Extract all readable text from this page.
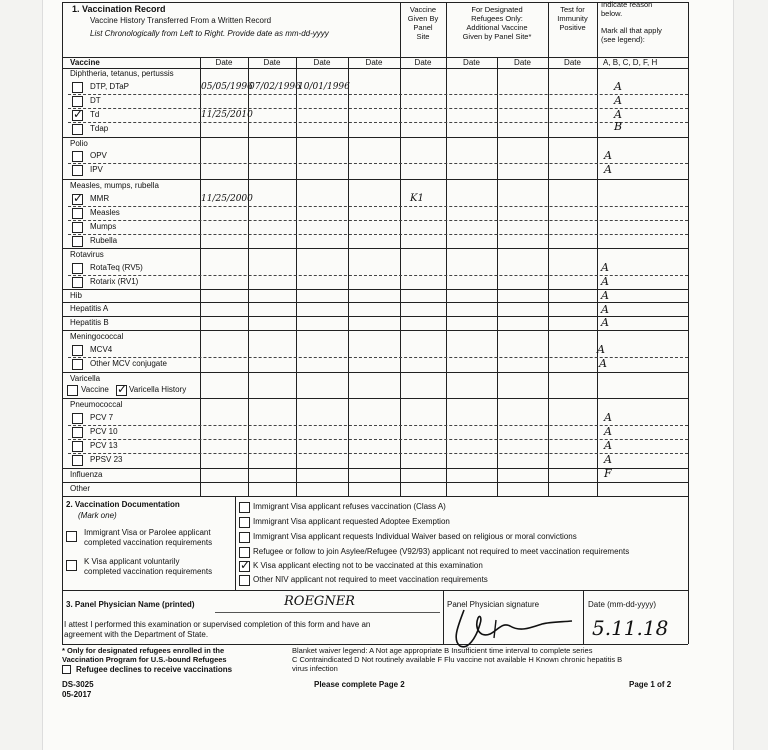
1. Vaccination Record
Vaccine History Transferred From a Written Record
List Chronologically from Left to Right. Provide date as mm-dd-yyyy
Vaccine
Given By
Panel
Site
For Designated
Refugees Only:
Additional Vaccine
Given by Panel Site*
Test for
Immunity
Positive
Indicate reason
below.
Mark all that apply
(see legend):
Vaccine	Date	Date	Date	Date	Date	Date	Date	Date	A, B, C, D, F, H
Diphtheria, tetanus, pertussis
Polio
Measles, mumps, rubella
Rotavirus
Hib
Hepatitis A
Hepatitis B
Meningococcal
Varicella
Pneumococcal
Influenza
Other
DTP, DTaP
DT
✓
Td
Tdap
OPV
IPV
✓
MMR
Measles
Mumps
Rubella
RotaTeq (RV5)
Rotarix (RV1)
MCV4
Other MCV conjugate
Vaccine
✓	Varicella History
PCV 7
PCV 10
PCV 13
PPSV 23
05/05/1996
07/02/1996
10/01/1996
11/25/2010
11/25/2000	K1
A
A
A
B
A
A
A
A
A
A
A
A
A
A
A
A
A
F
2. Vaccination Documentation
(Mark one)
Immigrant Visa or Parolee applicant
completed vaccination requirements
K Visa applicant voluntarily
completed vaccination requirements
Immigrant Visa applicant refuses vaccination (Class A)
Immigrant Visa applicant requested Adoptee Exemption
Immigrant Visa applicant requests Individual Waiver based on religious or moral convictions
Refugee or follow to join Asylee/Refugee (V92/93) applicant not required to meet vaccination requirements
✓
K Visa applicant electing not to be vaccinated at this examination
Other NIV applicant not required to meet vaccination requirements
3. Panel Physician Name (printed)	ROEGNER
I attest I performed this examination or supervised completion of this form and have an
agreement with the Department of State.
Panel Physician signature	Date (mm-dd-yyyy)
5.11.18
* Only for designated refugees enrolled in the
Vaccination Program for U.S.-bound Refugees
Refugee declines to receive vaccinations
Blanket waiver legend: A Not age appropriate B Insufficient time interval to complete series
C Contraindicated D Not routinely available F Flu vaccine not available H Known chronic hepatitis B
virus infection
DS-3025
05-2017
Please complete Page 2	Page 1 of 2
